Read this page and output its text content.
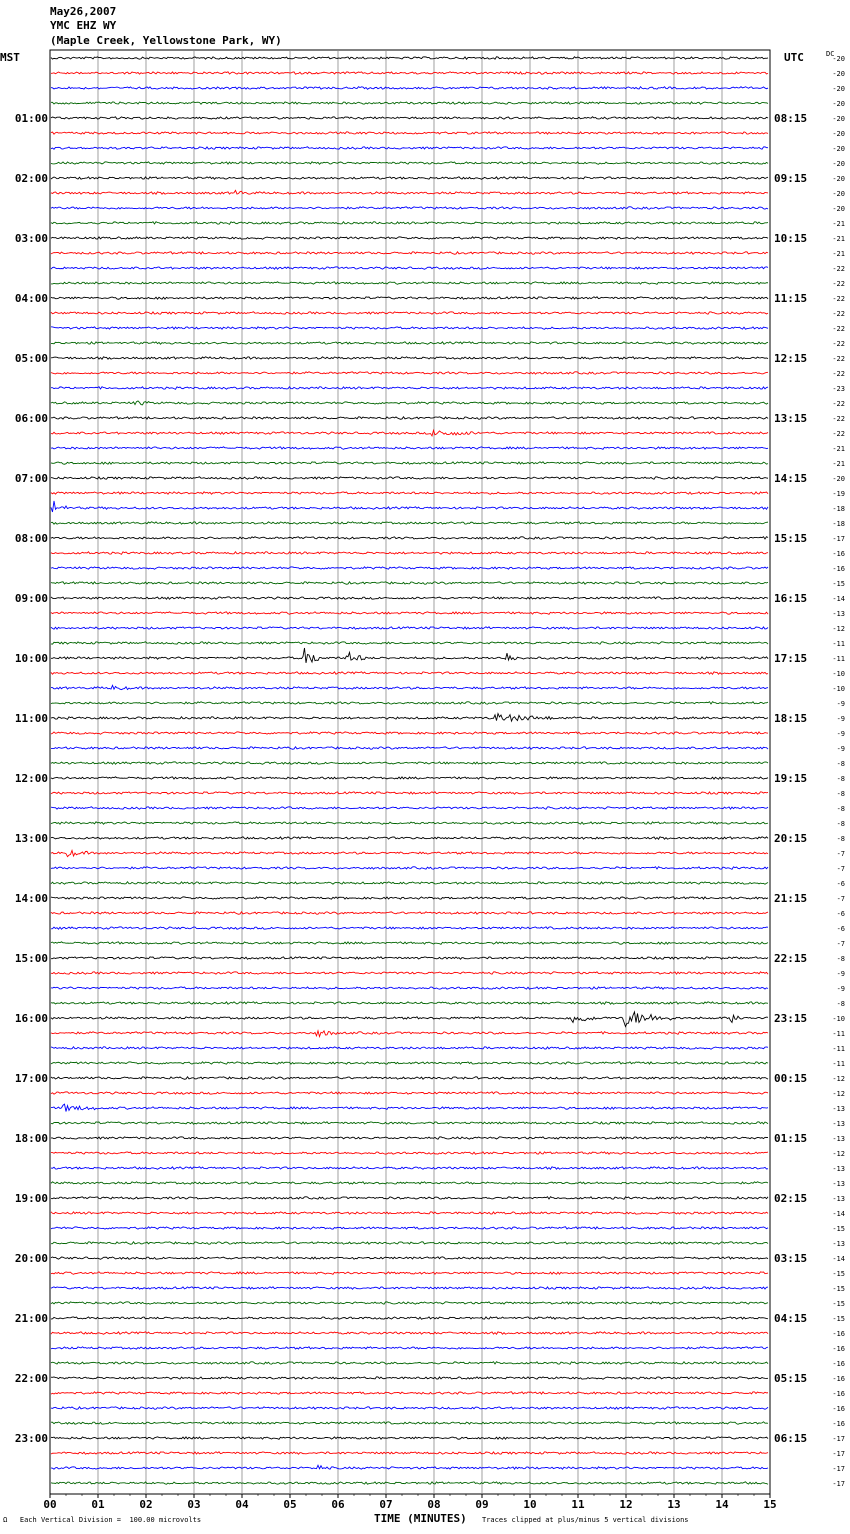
May26,2007
YMC EHZ WY
(Maple Creek, Yellowstone Park, WY)
MST	UTC	DC
00	01	02	03	04	05	06	07	08	09	10	11	12	13	14	15
-20
-20
-20
-20
01:00	08:15	-20
-20
-20
-20
02:00	09:15	-20
-20
-20
-21
03:00	10:15	-21
-21
-22
-22
04:00	11:15	-22
-22
-22
-22
05:00	12:15	-22
-22
-23
-22
06:00	13:15	-22
-22
-21
-21
07:00	14:15	-20
-19
-18
-18
08:00	15:15	-17
-16
-16
-15
09:00	16:15	-14
-13
-12
-11
10:00	17:15	-11
-10
-10
-9
11:00	18:15	-9
-9
-9
-8
12:00	19:15	-8
-8
-8
-8
13:00	20:15	-8
-7
-7
-6
14:00	21:15	-7
-6
-6
-7
15:00	22:15	-8
-9
-9
-8
16:00	23:15	-10
-11
-11
-11
17:00	00:15	-12
-12
-13
-13
18:00	01:15	-13
-12
-13
-13
19:00	02:15	-13
-14
-15
-13
20:00	03:15	-14
-15
-15
-15
21:00	04:15	-15
-16
-16
-16
22:00	05:15	-16
-16
-16
-16
23:00	06:15	-17
-17
-17
-17
TIME (MINUTES)
Ω Each Vertical Division =  100.00 microvolts	Traces clipped at plus/minus 5 vertical divisions
